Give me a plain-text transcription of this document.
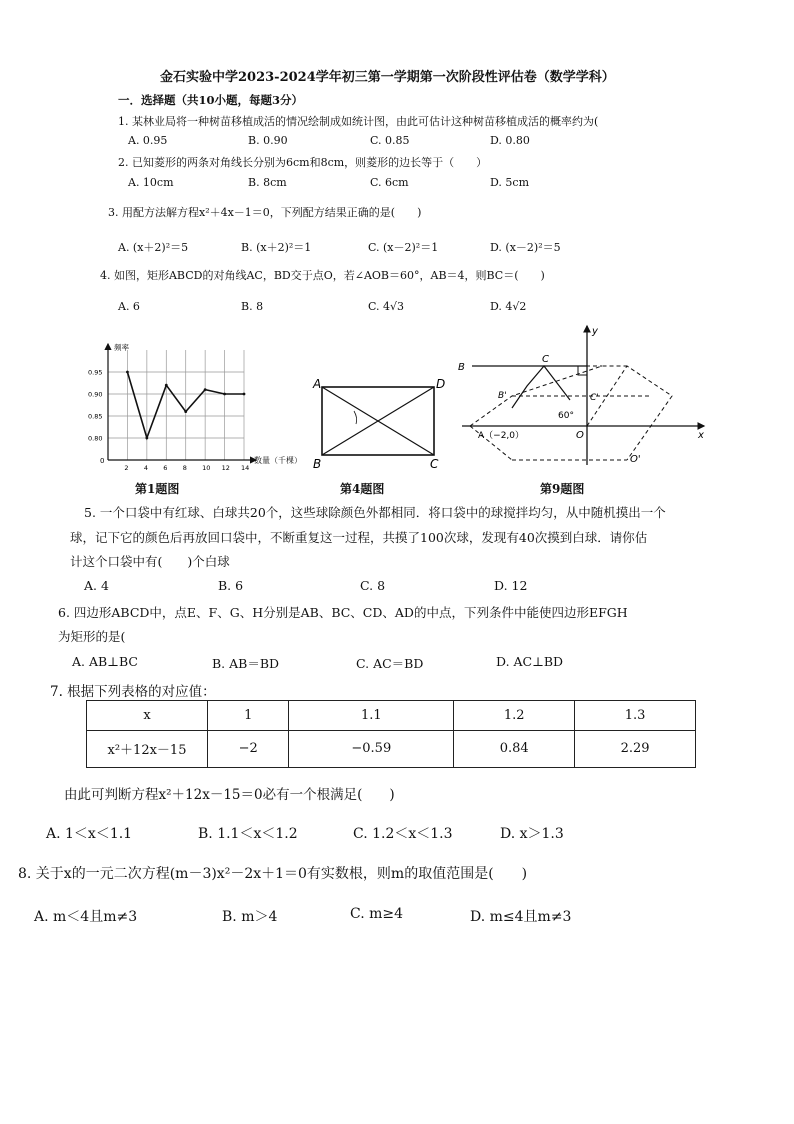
金石实验中学2023-2024学年初三第一学期第一次阶段性评估卷（数学学科）
一．选择题（共10小题，每题3分）
1. 某林业局将一种树苗移植成活的情况绘制成如统计图，由此可估计这种树苗移植成活的概率约为(
A. 0.95	B. 0.90	C. 0.85	D. 0.80
2. 已知菱形的两条对角线长分别为6cm和8cm，则菱形的边长等于（　　）
A. 10cm	B. 8cm	C. 6cm	D. 5cm
3. 用配方法解方程x²＋4x－1＝0，下列配方结果正确的是(　　)
A. (x＋2)²＝5	B. (x＋2)²＝1	C. (x－2)²＝1	D. (x－2)²＝5
4. 如图，矩形ABCD的对角线AC，BD交于点O，若∠AOB＝60°，AB＝4，则BC＝(　　)
A. 6	B. 8	C. 4√3	D. 4√2
频率
0
0.95
0.90
0.85
0.80
2 4 6 8 10 12 14
数量（千棵）
第1题图
A	D
B	C
第4题图
B
C
B'	C'
A（−2,0）	O
O'
60°
x
y
第9题图
5. 一个口袋中有红球、白球共20个，这些球除颜色外都相同．将口袋中的球搅拌均匀，从中随机摸出一个
球，记下它的颜色后再放回口袋中，不断重复这一过程，共摸了100次球，发现有40次摸到白球．请你估
计这个口袋中有(　　)个白球
A. 4	B. 6	C. 8	D. 12
6. 四边形ABCD中，点E、F、G、H分别是AB、BC、CD、AD的中点，下列条件中能使四边形EFGH
为矩形的是(
A. AB⊥BC	B. AB＝BD	C. AC＝BD	D. AC⊥BD
7. 根据下列表格的对应值：
x	1	1.1	1.2	1.3
x²＋12x－15	−2	−0.59	0.84	2.29
由此可判断方程x²＋12x－15＝0必有一个根满足(　　)
A. 1＜x＜1.1	B. 1.1＜x＜1.2	C. 1.2＜x＜1.3	D. x＞1.3
8. 关于x的一元二次方程(m－3)x²－2x＋1＝0有实数根，则m的取值范围是(　　)
A. m＜4且m≠3	B. m＞4	C. m≥4	D. m≤4且m≠3
